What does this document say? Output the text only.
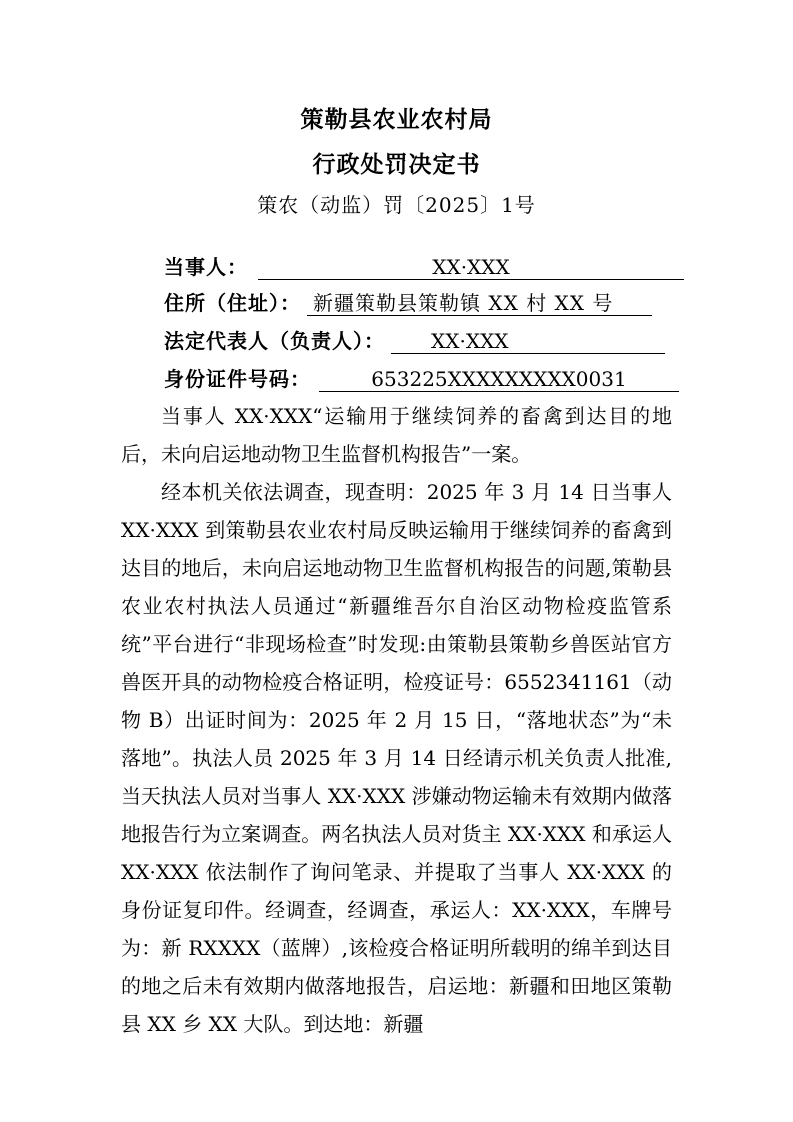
策勒县农业农村局
行政处罚决定书
策农（动监）罚〔2025〕1号
当事人：	XX·XXX
住所（住址）： 新疆策勒县策勒镇 XX 村 XX 号
法定代表人（负责人）：	XX·XXX
身份证件号码：	653225XXXXXXXXX0031

当事人 XX·XXX“运输用于继续饲养的畜禽到达目的地后，未向启运地动物卫生监督机构报告”一案。

经本机关依法调查，现查明：2025 年 3 月 14 日当事人 XX·XXX 到策勒县农业农村局反映运输用于继续饲养的畜禽到达目的地后，未向启运地动物卫生监督机构报告的问题,策勒县农业农村执法人员通过“新疆维吾尔自治区动物检疫监管系统”平台进行“非现场检查”时发现:由策勒县策勒乡兽医站官方兽医开具的动物检疫合格证明，检疫证号：6552341161（动物 B）出证时间为：2025 年 2 月 15 日，“落地状态”为“未落地”。执法人员 2025 年 3 月 14 日经请示机关负责人批准,当天执法人员对当事人 XX·XXX 涉嫌动物运输未有效期内做落地报告行为立案调查。两名执法人员对货主 XX·XXX 和承运人 XX·XXX 依法制作了询问笔录、并提取了当事人 XX·XXX 的身份证复印件。经调查，经调查，承运人：XX·XXX，车牌号为：新 RXXXX（蓝牌）,该检疫合格证明所载明的绵羊到达目的地之后未有效期内做落地报告，启运地：新疆和田地区策勒县 XX 乡 XX 大队。到达地：新疆
